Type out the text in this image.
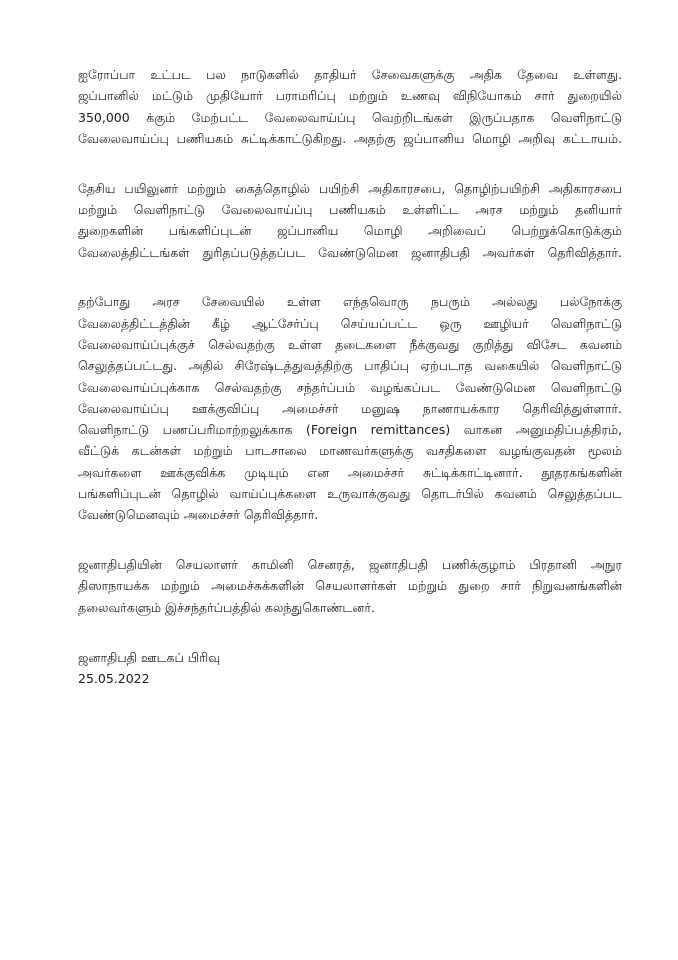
ஐரோப்பா உட்பட பல நாடுகளில் தாதியர் சேவைகளுக்கு அதிக தேவை உள்ளது.
ஜப்பானில் மட்டும் முதியோர் பராமரிப்பு மற்றும் உணவு விநியோகம் சார் துறையில்
350,000 க்கும் மேற்பட்ட வேலைவாய்ப்பு வெற்றிடங்கள் இருப்பதாக வெளிநாட்டு
வேலைவாய்ப்பு பணியகம் சுட்டிக்காட்டுகிறது. அதற்கு ஜப்பானிய மொழி அறிவு கட்டாயம்.
தேசிய பயிலுனர் மற்றும் கைத்தொழில் பயிற்சி அதிகாரசபை, தொழிற்பயிற்சி அதிகாரசபை
மற்றும் வெளிநாட்டு வேலைவாய்ப்பு பணியகம் உள்ளிட்ட அரச மற்றும் தனியார்
துறைகளின் பங்களிப்புடன் ஜப்பானிய மொழி அறிவைப் பெற்றுக்கொடுக்கும்
வேலைத்திட்டங்கள் துரிதப்படுத்தப்பட வேண்டுமென ஜனாதிபதி அவர்கள் தெரிவித்தார்.
தற்போது அரச சேவையில் உள்ள எந்தவொரு நபரும் அல்லது பல்நோக்கு
வேலைத்திட்டத்தின் கீழ் ஆட்சேர்ப்பு செய்யப்பட்ட ஒரு ஊழியர் வெளிநாட்டு
வேலைவாய்ப்புக்குச் செல்வதற்கு உள்ள தடைகளை நீக்குவது குறித்து விசேட கவனம்
செலுத்தப்பட்டது. அதில் சிரேஷ்டத்துவத்திற்கு பாதிப்பு ஏற்படாத வகையில் வெளிநாட்டு
வேலைவாய்ப்புக்காக செல்வதற்கு சந்தர்ப்பம் வழங்கப்பட வேண்டுமென வெளிநாட்டு
வேலைவாய்ப்பு ஊக்குவிப்பு அமைச்சர் மனுஷ நாணாயக்கார தெரிவித்துள்ளார்.
வெளிநாட்டு பணப்பரிமாற்றலுக்காக (Foreign remittances) வாகன அனுமதிப்பத்திரம்,
வீட்டுக் கடன்கள் மற்றும் பாடசாலை மாணவர்களுக்கு வசதிகளை வழங்குவதன் மூலம்
அவர்களை ஊக்குவிக்க முடியும் என அமைச்சர் சுட்டிக்காட்டினார். தூதரகங்களின்
பங்களிப்புடன் தொழில் வாய்ப்புக்களை உருவாக்குவது தொடர்பில் கவனம் செலுத்தப்பட
வேண்டுமெனவும் அமைச்சர் தெரிவித்தார்.
ஜனாதிபதியின் செயலாளர் காமினி செனரத், ஜனாதிபதி பணிக்குழாம் பிரதானி அநுர
திஸாநாயக்க மற்றும் அமைச்சுக்களின் செயலாளர்கள் மற்றும் துறை சார் நிறுவனங்களின்
தலைவர்களும் இச்சந்தர்ப்பத்தில் கலந்துகொண்டனர்.
ஜனாதிபதி ஊடகப் பிரிவு
25.05.2022
